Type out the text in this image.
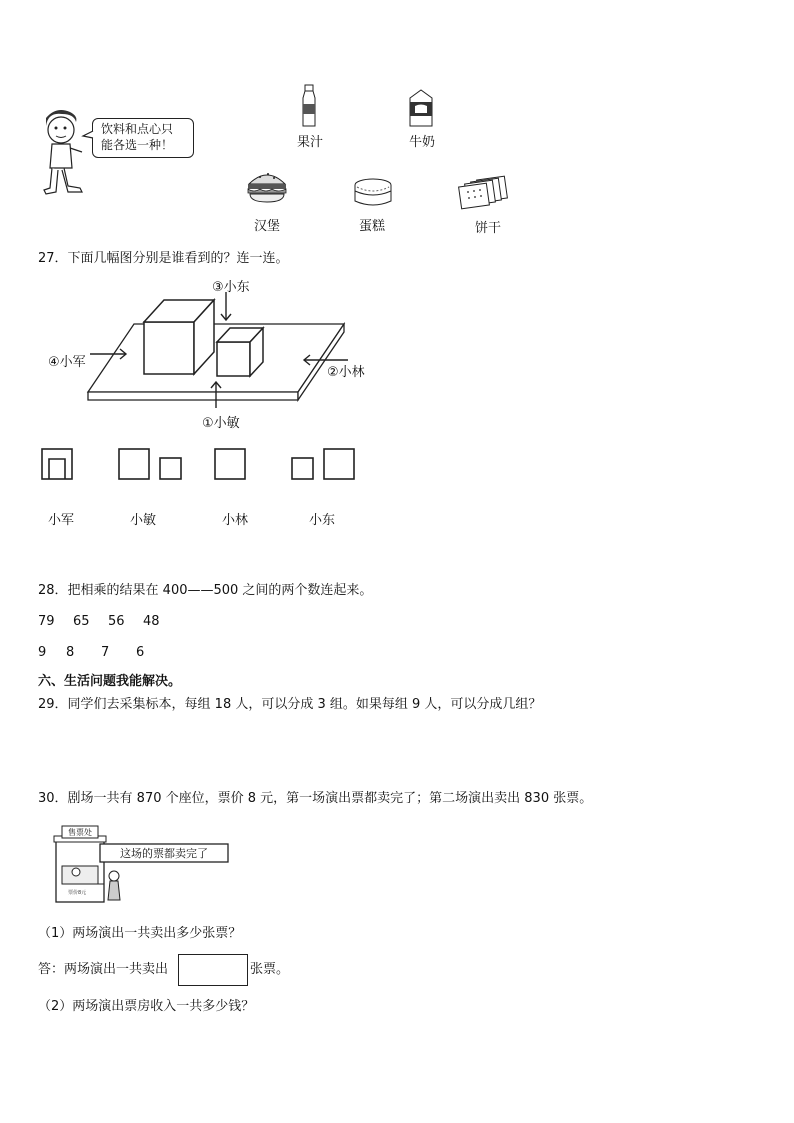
饮料和点心只
能各选一种！	果汁	牛奶
汉堡	蛋糕	饼干
27．下面几幅图分别是谁看到的？连一连。
③小东
④小军
②小林
①小敏
小军	小敏	小林	小东
28．把相乘的结果在 400——500 之间的两个数连起来。
79 65 56 48
9 8 7 6
六、生活问题我能解决。
29．同学们去采集标本，每组 18 人，可以分成 3 组。如果每组 9 人，可以分成几组？
30．剧场一共有 870 个座位，票价 8 元，第一场演出票都卖完了；第二场演出卖出 830 张票。
售票处
这场的票都卖完了
票价8元
（1）两场演出一共卖出多少张票？
答：两场演出一共卖出	张票。
（2）两场演出票房收入一共多少钱？
